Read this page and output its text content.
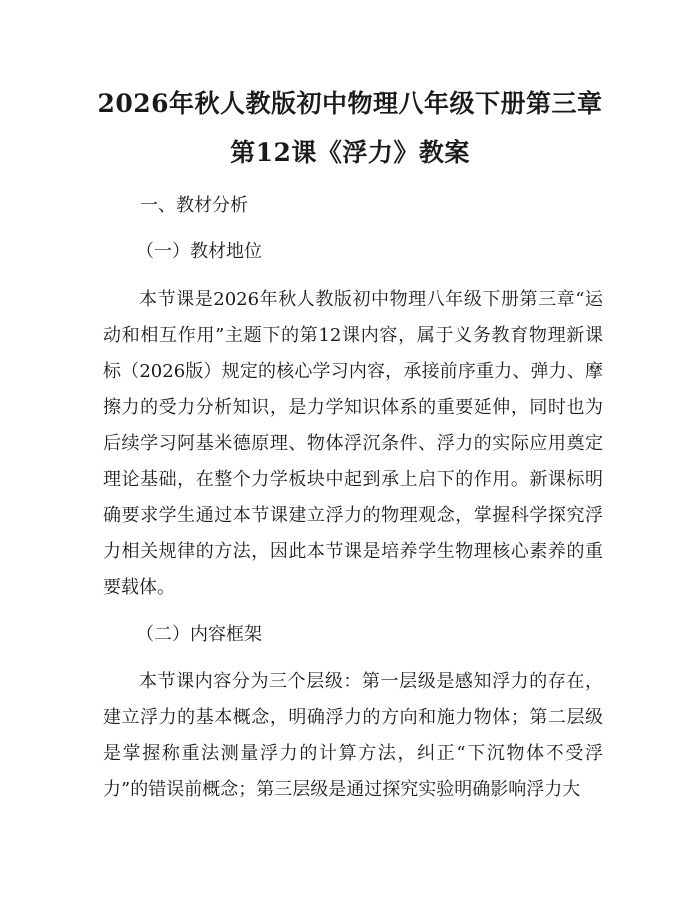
2026年秋人教版初中物理八年级下册第三章
第12课《浮力》教案
一、教材分析
（一）教材地位
本节课是2026年秋人教版初中物理八年级下册第三章“运动和相互作用”主题下的第12课内容，属于义务教育物理新课标（2026版）规定的核心学习内容，承接前序重力、弹力、摩擦力的受力分析知识，是力学知识体系的重要延伸，同时也为后续学习阿基米德原理、物体浮沉条件、浮力的实际应用奠定理论基础，在整个力学板块中起到承上启下的作用。新课标明确要求学生通过本节课建立浮力的物理观念，掌握科学探究浮力相关规律的方法，因此本节课是培养学生物理核心素养的重要载体。
（二）内容框架
本节课内容分为三个层级：第一层级是感知浮力的存在，建立浮力的基本概念，明确浮力的方向和施力物体；第二层级是掌握称重法测量浮力的计算方法，纠正“下沉物体不受浮力”的错误前概念；第三层级是通过探究实验明确影响浮力大
